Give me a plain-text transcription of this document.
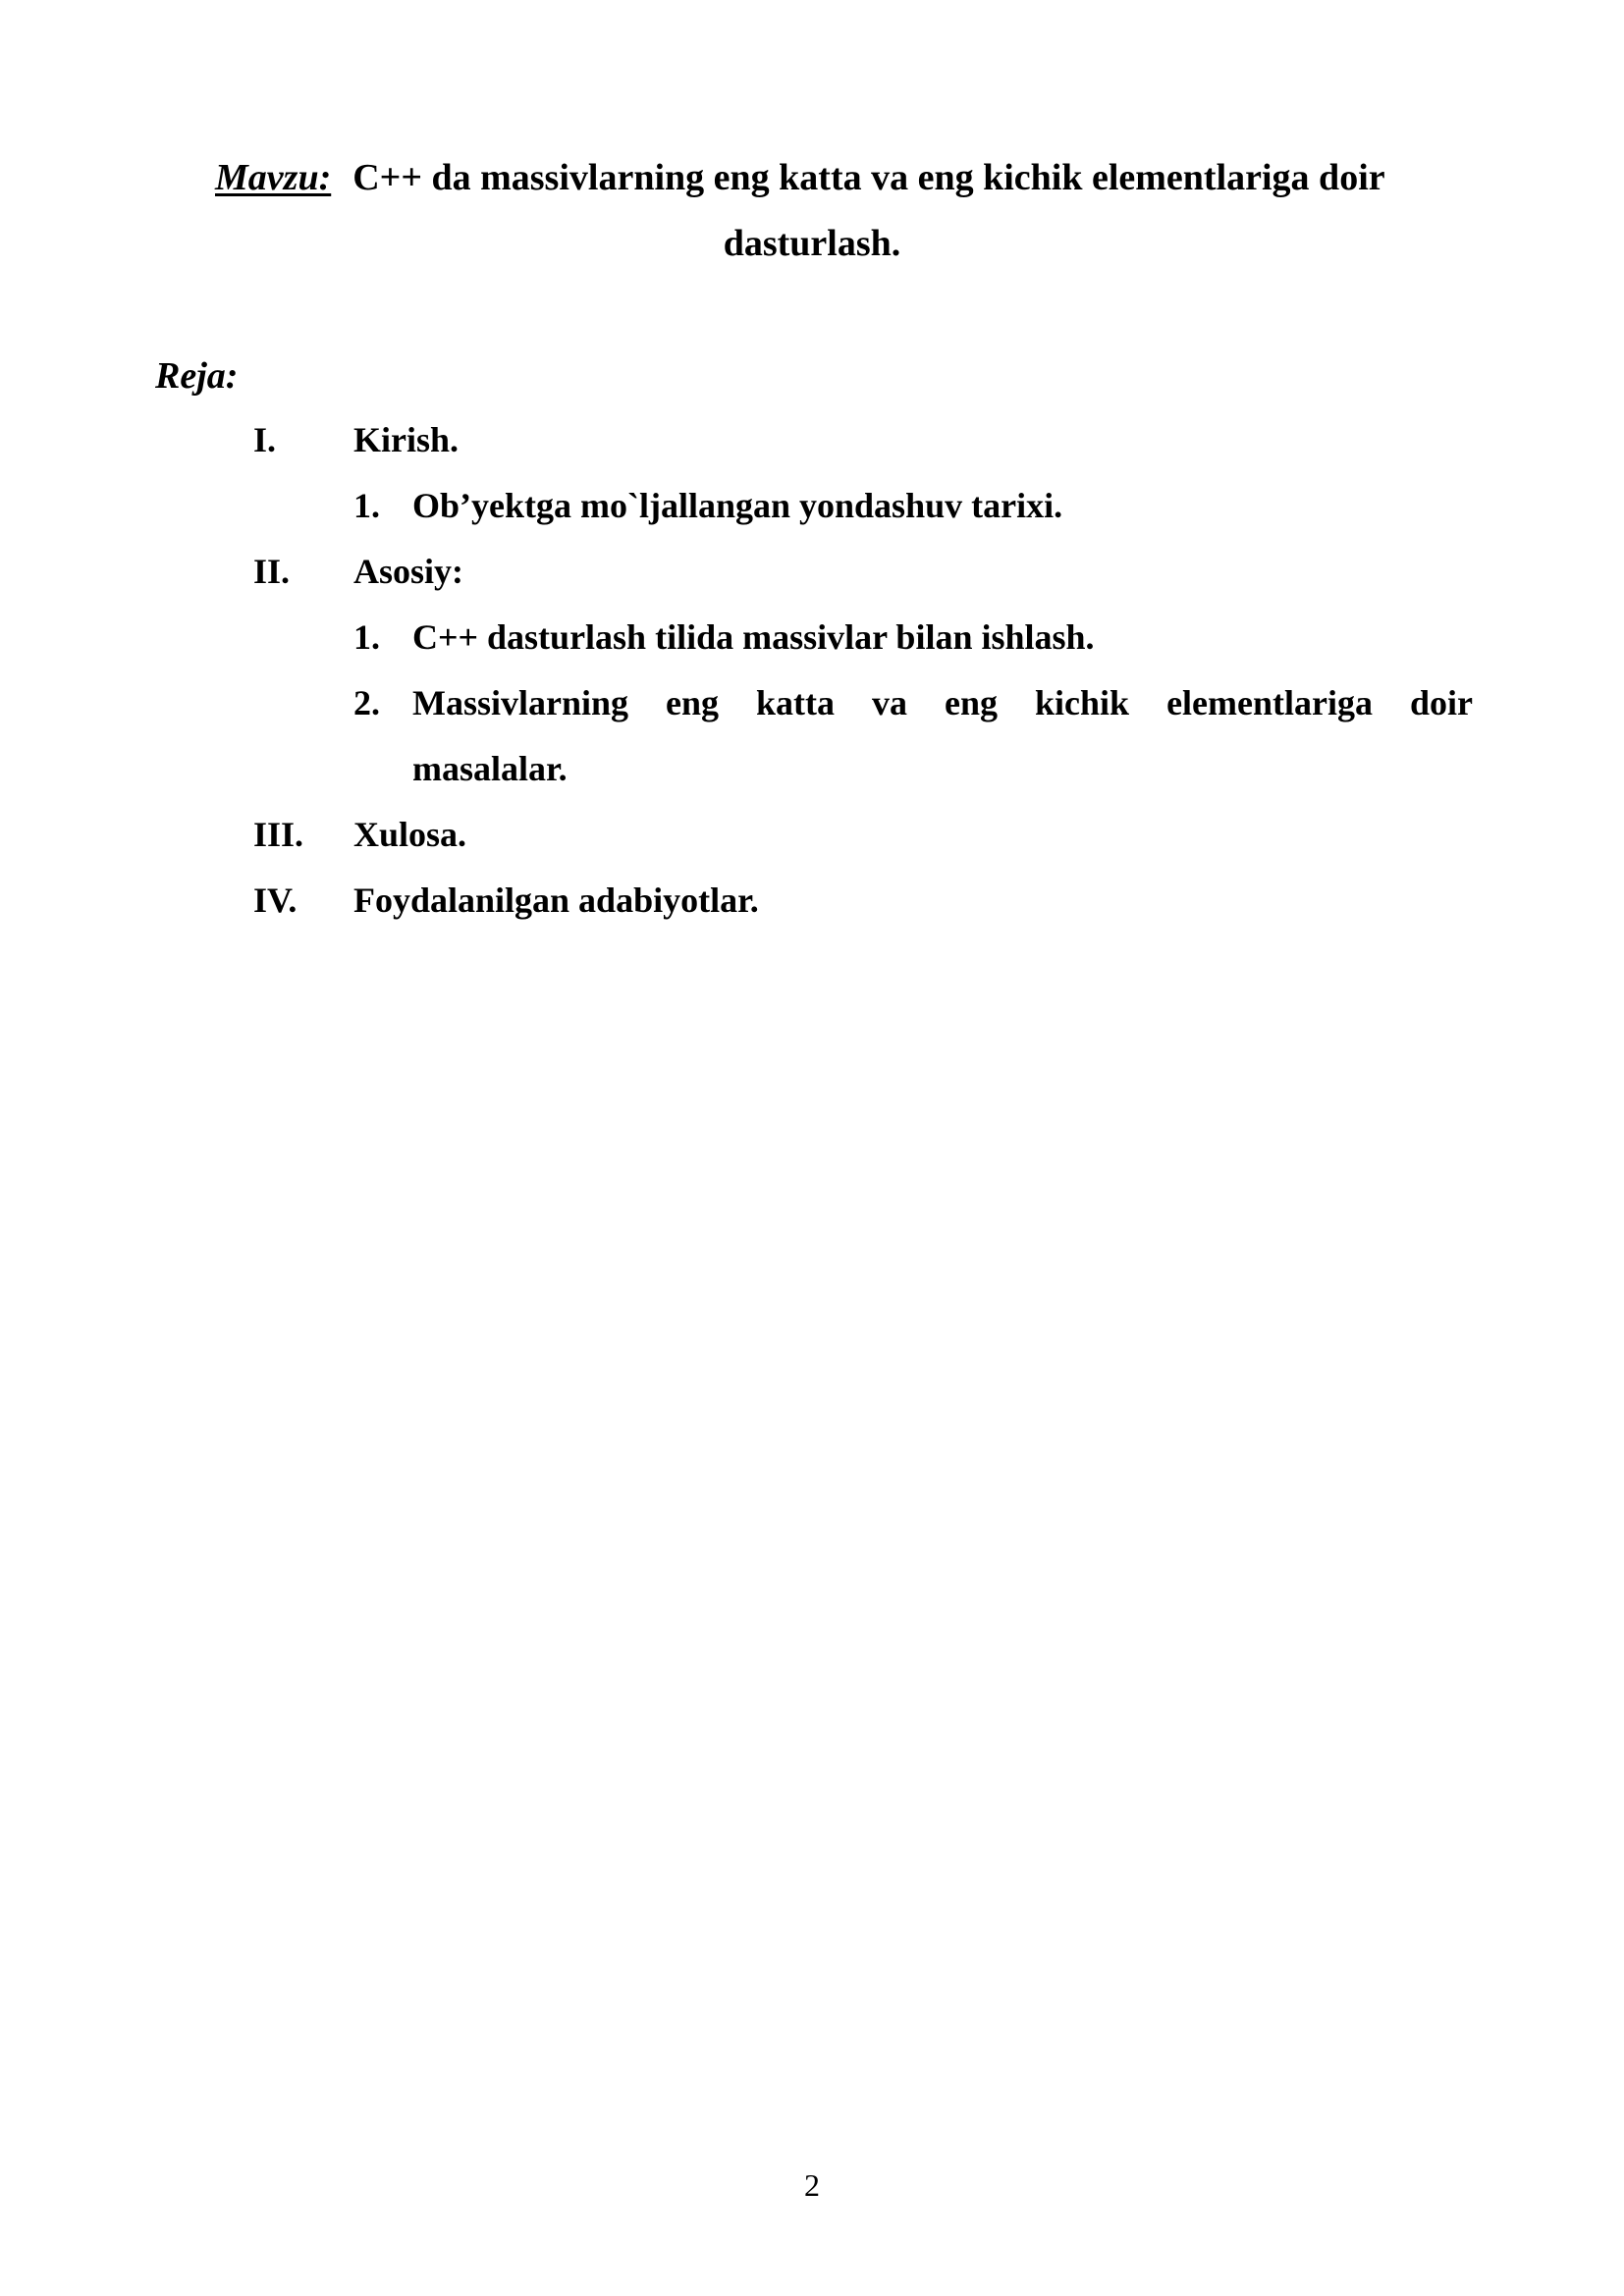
Mavzu: C++ da massivlarning eng katta va eng kichik elementlariga doir
dasturlash.
Reja:
I. Kirish.
1. Ob’yektga mo`ljallangan yondashuv tarixi.
II. Asosiy:
1. C++ dasturlash tilida massivlar bilan ishlash.
2. Massivlarning eng katta va eng kichik elementlariga doir
masalalar.
III. Xulosa.
IV. Foydalanilgan adabiyotlar.
2
